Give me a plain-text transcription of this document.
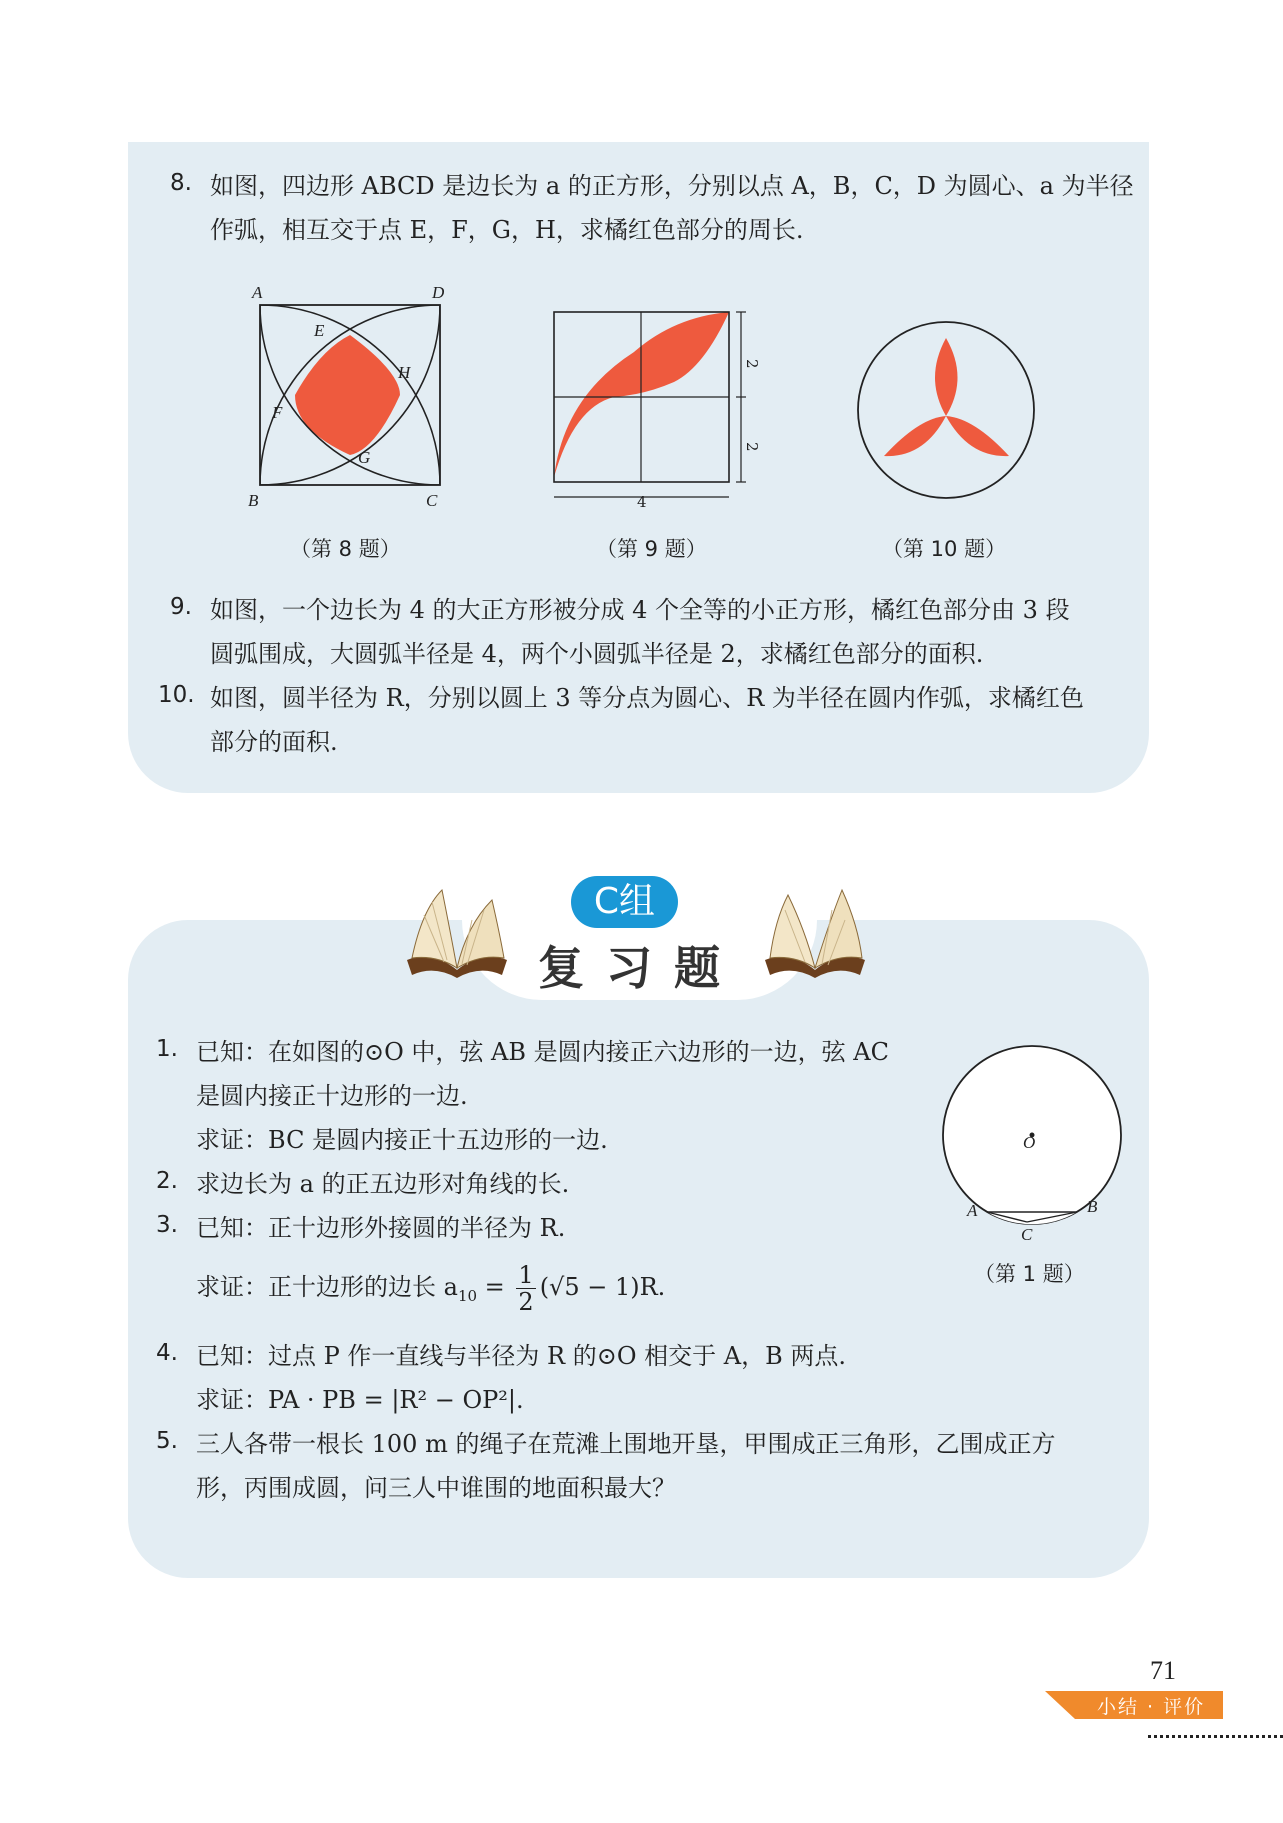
8. 如图，四边形 ABCD 是边长为 a 的正方形，分别以点 A，B，C，D 为圆心、a 为半径
作弧，相互交于点 E，F，G，H，求橘红色部分的周长.
A	D
B	C
E
H
F
G
2
2
4
（第 8 题）	（第 9 题）	（第 10 题）
9. 如图，一个边长为 4 的大正方形被分成 4 个全等的小正方形，橘红色部分由 3 段
圆弧围成，大圆弧半径是 4，两个小圆弧半径是 2，求橘红色部分的面积.
10. 如图，圆半径为 R，分别以圆上 3 等分点为圆心、R 为半径在圆内作弧，求橘红色
部分的面积.
C组
复习题
1. 已知：在如图的⊙O 中，弦 AB 是圆内接正六边形的一边，弦 AC
是圆内接正十边形的一边.
求证：BC 是圆内接正十五边形的一边.
2. 求边长为 a 的正五边形对角线的长.
3. 已知：正十边形外接圆的半径为 R.
求证：正十边形的边长 $a_{10} = \frac{1}{2} (√5 - 1)R$.
4. 已知：过点 P 作一直线与半径为 R 的⊙O 相交于 A，B 两点.
求证：PA · PB = |R² − OP²|.
5. 三人各带一根长 100 m 的绳子在荒滩上围地开垦，甲围成正三角形，乙围成正方
形，丙围成圆，问三人中谁围的地面积最大？
O
A	B
C
（第 1 题）
71
小结 · 评价
